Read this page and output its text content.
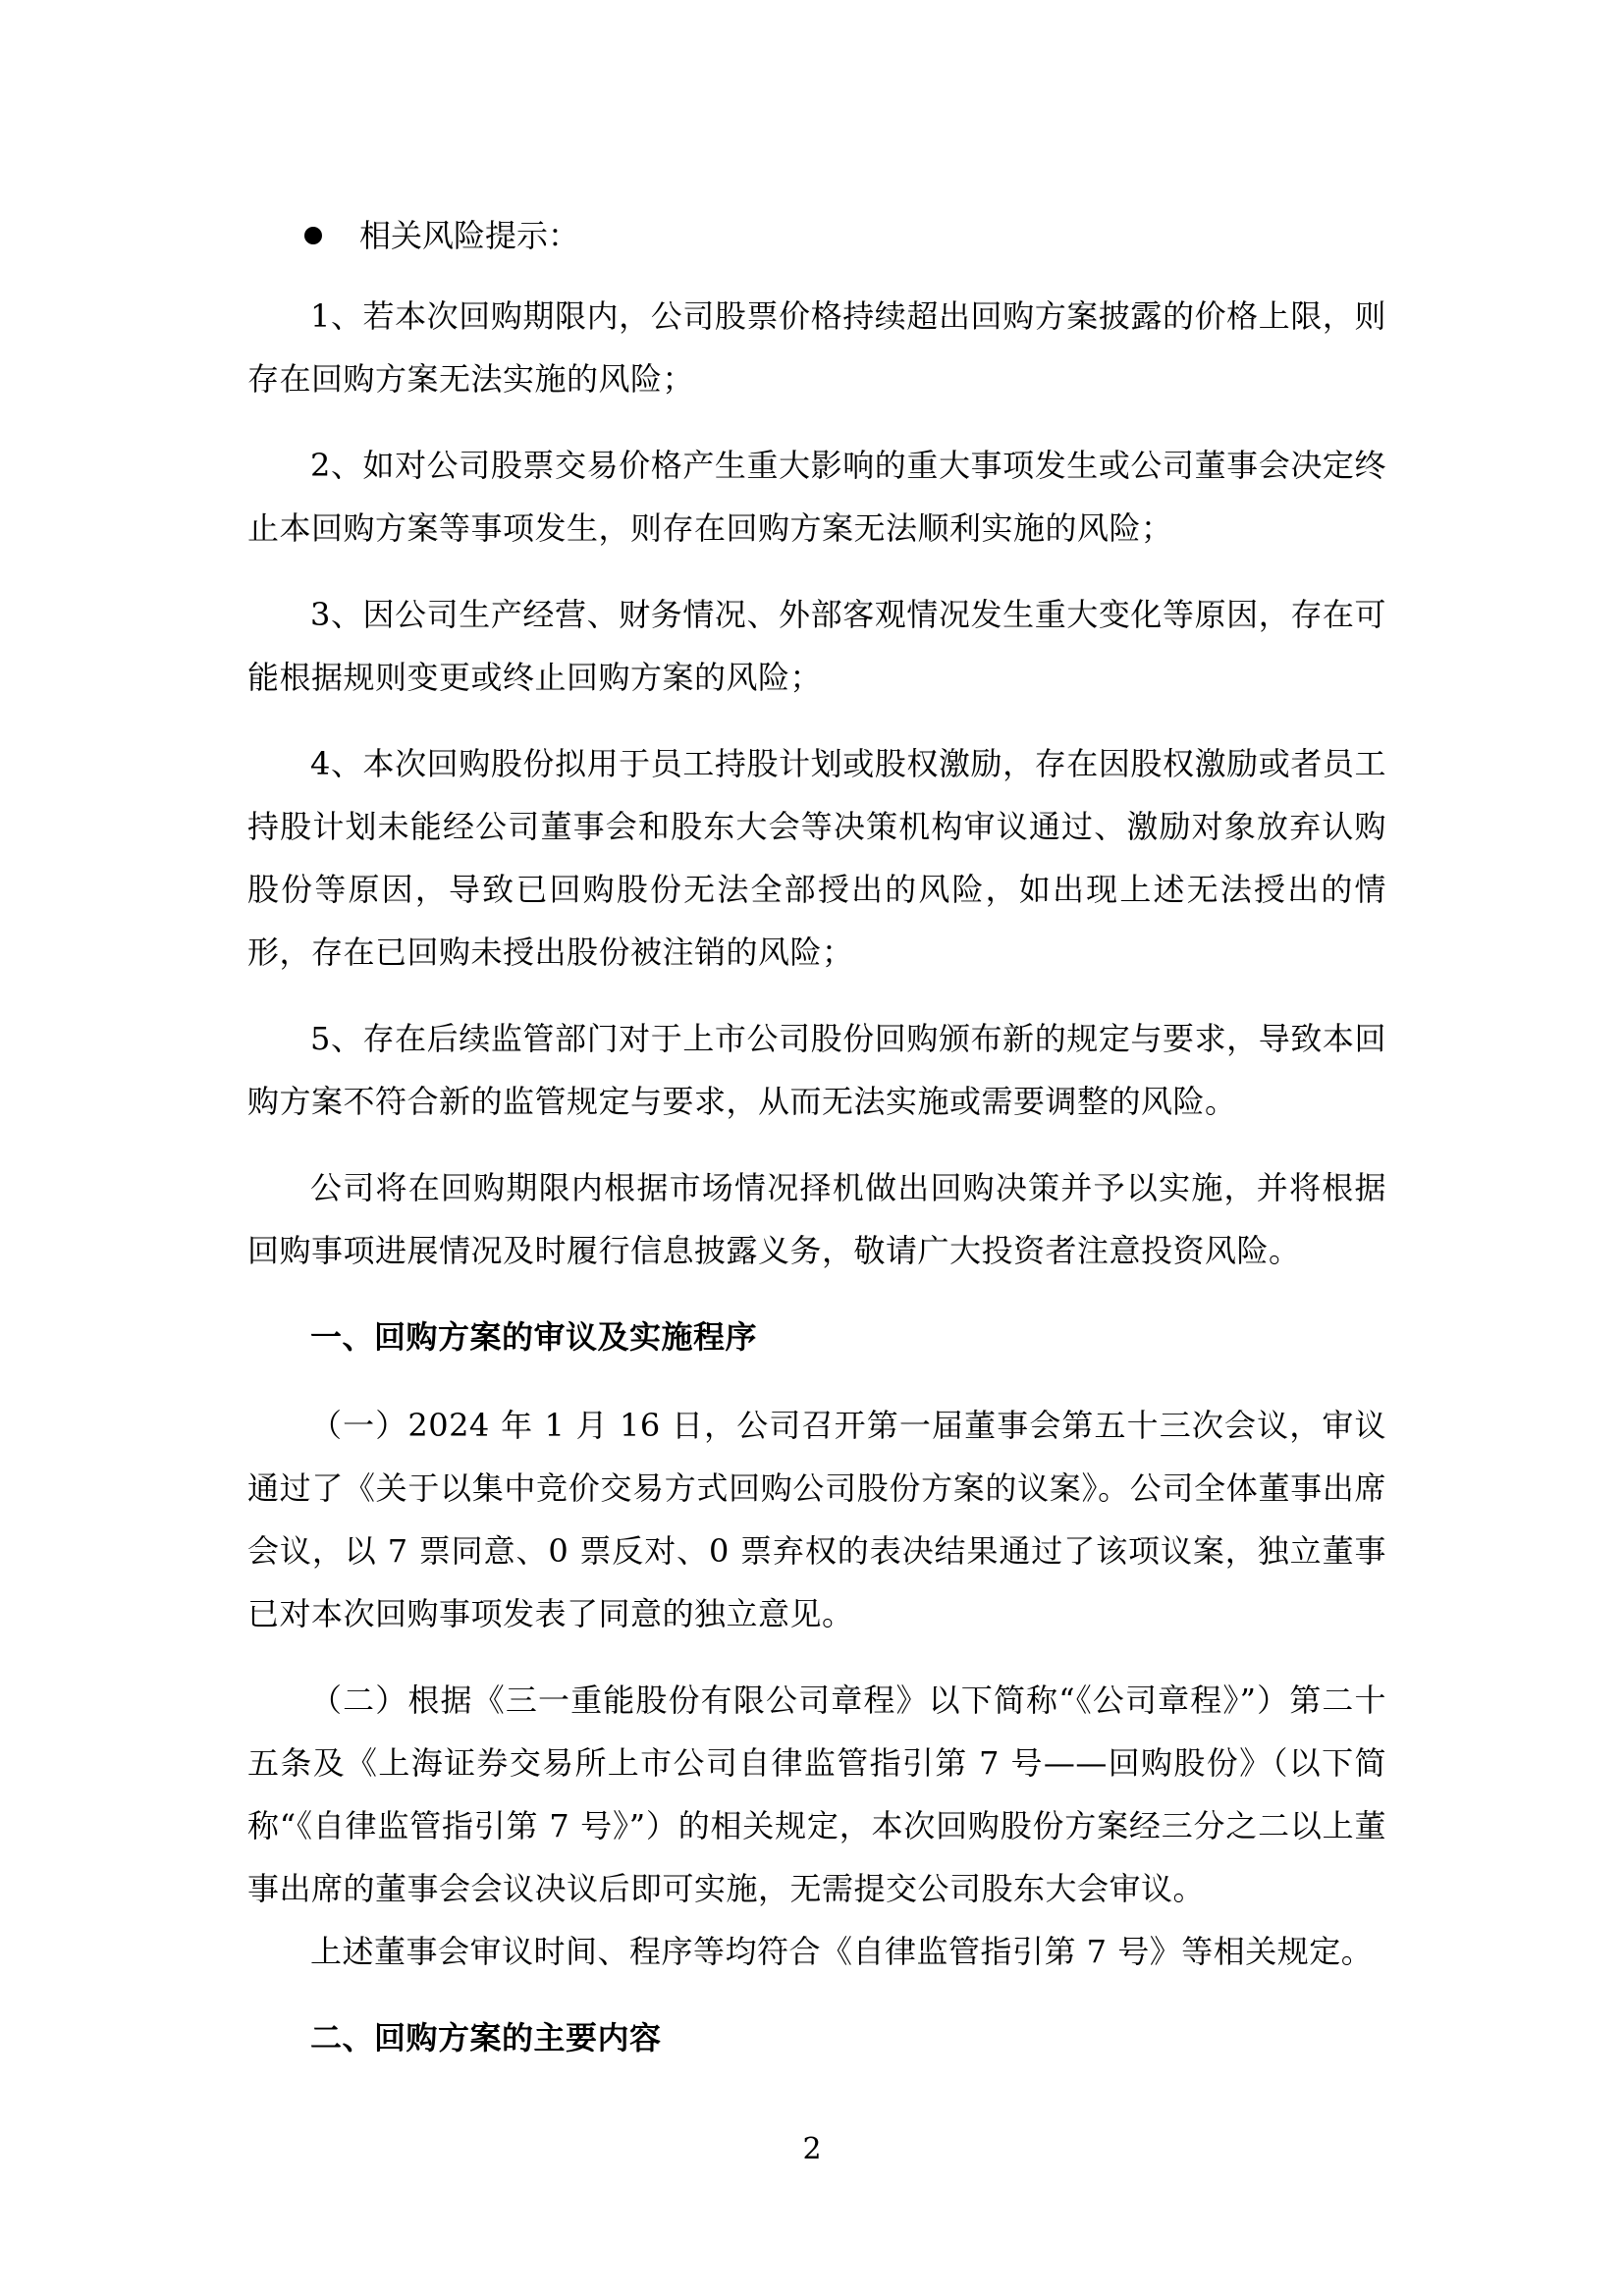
相关风险提示：

1、若本次回购期限内，公司股票价格持续超出回购方案披露的价格上限，则存在回购方案无法实施的风险；

2、如对公司股票交易价格产生重大影响的重大事项发生或公司董事会决定终止本回购方案等事项发生，则存在回购方案无法顺利实施的风险；

3、因公司生产经营、财务情况、外部客观情况发生重大变化等原因，存在可能根据规则变更或终止回购方案的风险；

4、本次回购股份拟用于员工持股计划或股权激励，存在因股权激励或者员工持股计划未能经公司董事会和股东大会等决策机构审议通过、激励对象放弃认购股份等原因，导致已回购股份无法全部授出的风险，如出现上述无法授出的情形，存在已回购未授出股份被注销的风险；

5、存在后续监管部门对于上市公司股份回购颁布新的规定与要求，导致本回购方案不符合新的监管规定与要求，从而无法实施或需要调整的风险。

公司将在回购期限内根据市场情况择机做出回购决策并予以实施，并将根据回购事项进展情况及时履行信息披露义务，敬请广大投资者注意投资风险。

一、回购方案的审议及实施程序

（一）2024 年 1 月 16 日，公司召开第一届董事会第五十三次会议，审议通过了《关于以集中竞价交易方式回购公司股份方案的议案》。公司全体董事出席会议，以 7 票同意、0 票反对、0 票弃权的表决结果通过了该项议案，独立董事已对本次回购事项发表了同意的独立意见。

（二）根据《三一重能股份有限公司章程》以下简称“《公司章程》”）第二十五条及《上海证券交易所上市公司自律监管指引第 7 号——回购股份》（以下简称“《自律监管指引第 7 号》”）的相关规定，本次回购股份方案经三分之二以上董事出席的董事会会议决议后即可实施，无需提交公司股东大会审议。

上述董事会审议时间、程序等均符合《自律监管指引第 7 号》等相关规定。

二、回购方案的主要内容

2
